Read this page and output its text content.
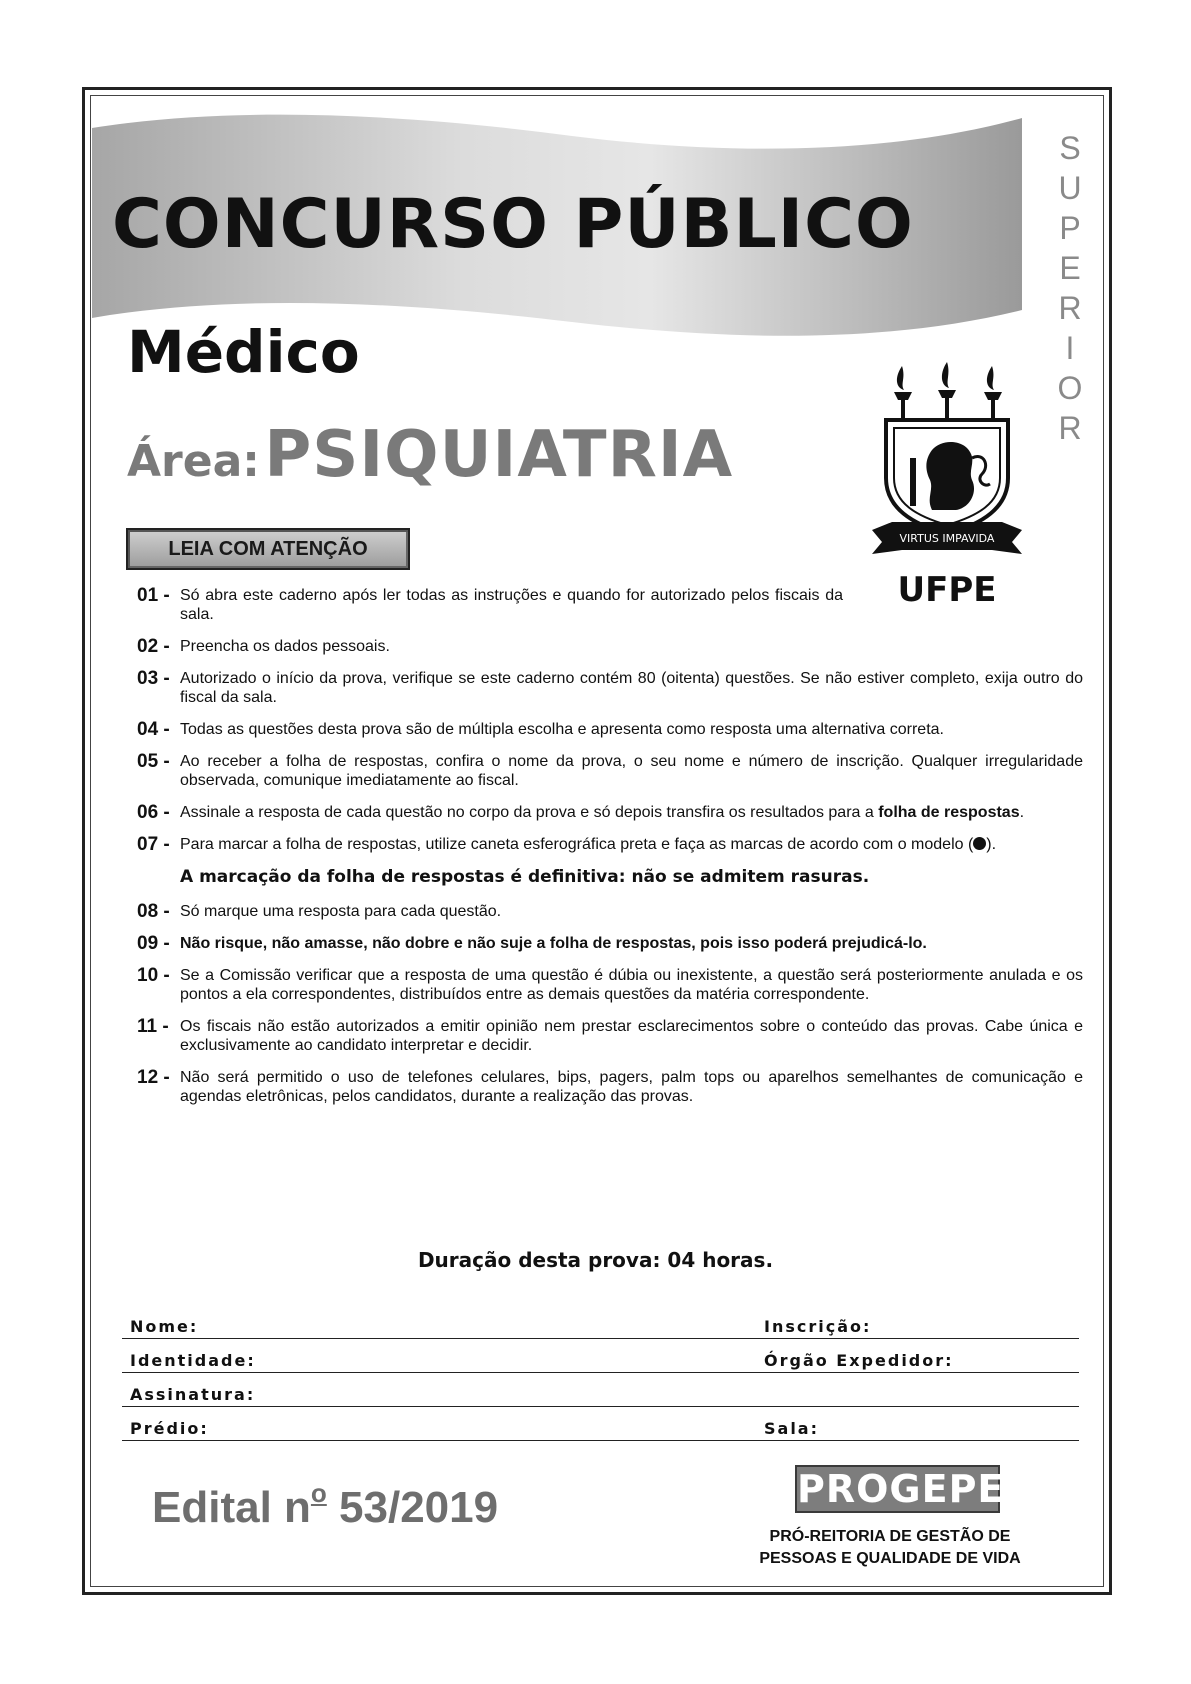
CONCURSO PÚBLICO
S
U
P
E
R
I
O
R
Médico
Área: PSIQUIATRIA
VIRTUS IMPAVIDA
UFPE
LEIA COM ATENÇÃO
01 - Só abra este caderno após ler todas as instruções e quando for autorizado pelos fiscais da sala.
02 - Preencha os dados pessoais.
03 - Autorizado o início da prova, verifique se este caderno contém 80 (oitenta) questões. Se não estiver completo, exija outro do fiscal da sala.
04 - Todas as questões desta prova são de múltipla escolha e apresenta como resposta uma alternativa correta.
05 - Ao receber a folha de respostas, confira o nome da prova, o seu nome e número de inscrição. Qualquer irregularidade observada, comunique imediatamente ao fiscal.
06 - Assinale a resposta de cada questão no corpo da prova e só depois transfira os resultados para a folha de respostas.
07 - Para marcar a folha de respostas, utilize caneta esferográfica preta e faça as marcas de acordo com o modelo ( ).
A marcação da folha de respostas é definitiva: não se admitem rasuras.
08 - Só marque uma resposta para cada questão.
09 - Não risque, não amasse, não dobre e não suje a folha de respostas, pois isso poderá prejudicá-lo.
10 - Se a Comissão verificar que a resposta de uma questão é dúbia ou inexistente, a questão será posteriormente anulada e os pontos a ela correspondentes, distribuídos entre as demais questões da matéria correspondente.
11 - Os fiscais não estão autorizados a emitir opinião nem prestar esclarecimentos sobre o conteúdo das provas. Cabe única e exclusivamente ao candidato interpretar e decidir.
12 - Não será permitido o uso de telefones celulares, bips, pagers, palm tops ou aparelhos semelhantes de comunicação e agendas eletrônicas, pelos candidatos, durante a realização das provas.
Duração desta prova: 04 horas.
Nome:	Inscrição:
Identidade:	Órgão Expedidor:
Assinatura:
Prédio:	Sala:
Edital $n^o$ 53/2019	PROGEPE
PRÓ-REITORIA DE GESTÃO DE
PESSOAS E QUALIDADE DE VIDA
